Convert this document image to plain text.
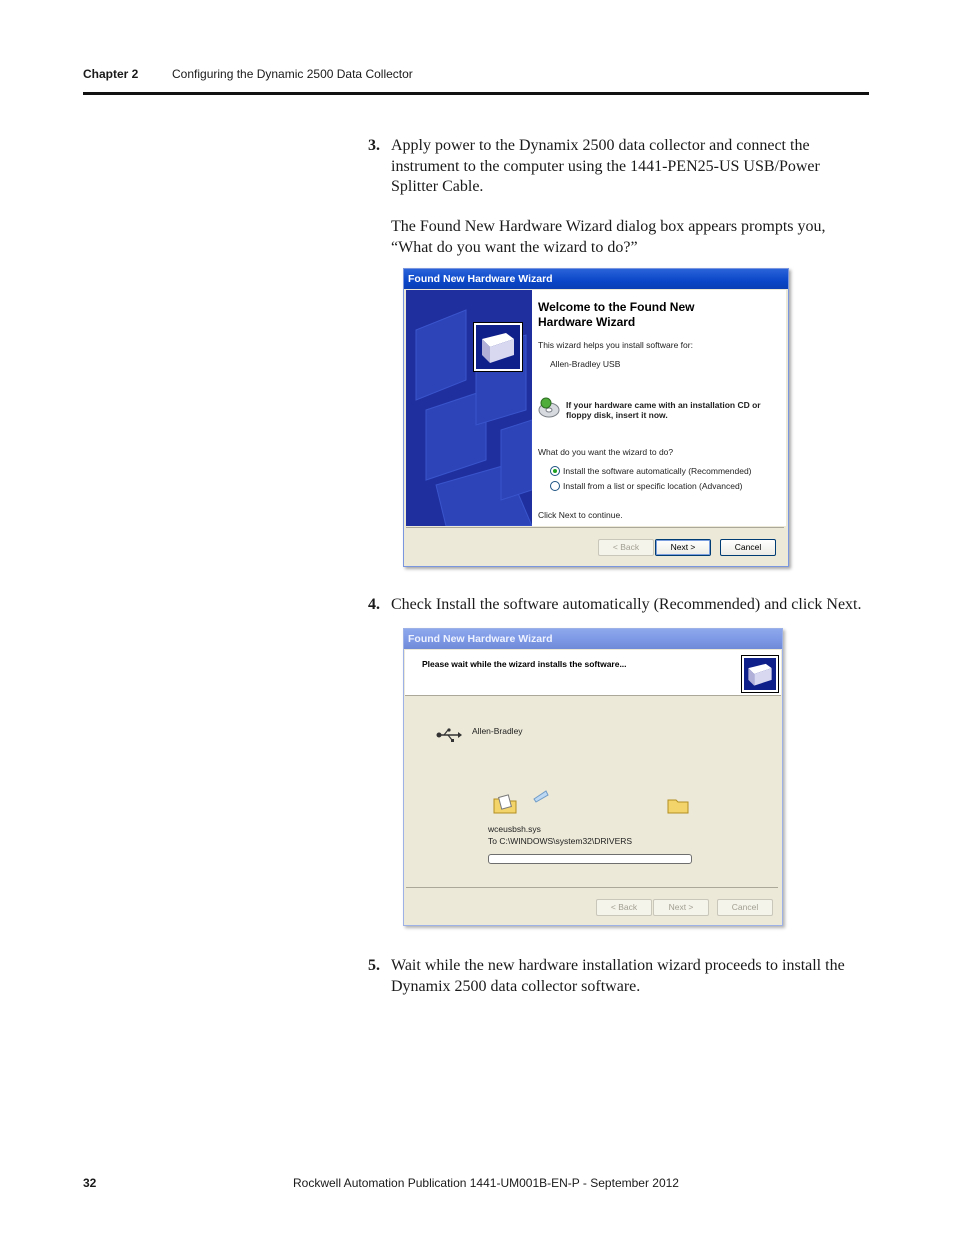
Chapter 2	Configuring the Dynamic 2500 Data Collector
3. Apply power to the Dynamix 2500 data collector and connect the instrument to the computer using the 1441-PEN25-US USB/Power Splitter Cable.
The Found New Hardware Wizard dialog box appears prompts you, “What do you want the wizard to do?”
Found New Hardware Wizard
Welcome to the Found New Hardware Wizard
This wizard helps you install software for:
Allen-Bradley USB
If your hardware came with an installation CD or floppy disk, insert it now.
What do you want the wizard to do?
Install the software automatically (Recommended)
Install from a list or specific location (Advanced)
Click Next to continue.
< Back	Next >	Cancel
4. Check Install the software automatically (Recommended) and click Next.
Found New Hardware Wizard
Please wait while the wizard installs the software...
Allen-Bradley
wceusbsh.sys
To C:\WINDOWS\system32\DRIVERS
< Back	Next >	Cancel
5. Wait while the new hardware installation wizard proceeds to install the Dynamix 2500 data collector software.
32	Rockwell Automation Publication 1441-UM001B-EN-P - September 2012
